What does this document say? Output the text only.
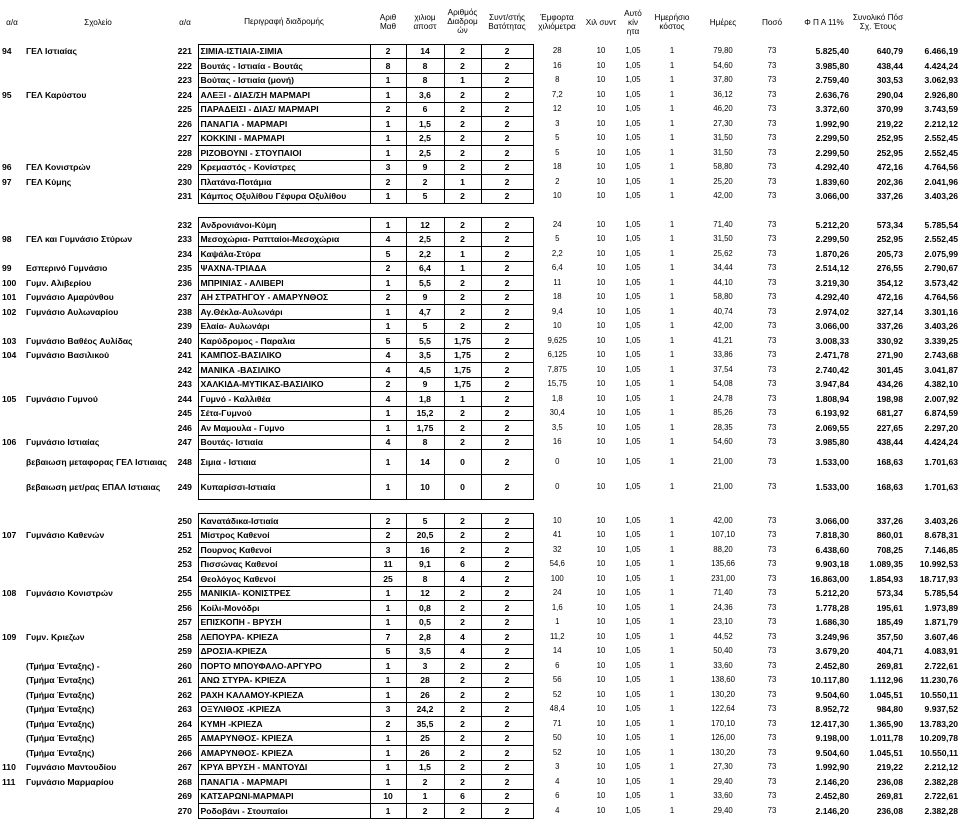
α/α	Σχολείο	α/α	Περιγραφή διαδρομής	Αριθ Μαθ	χιλιομ αποστ	Αριθμός Διαδρομ ών	Συντ/στής Βατότητας	Έμφορτα χιλιόμετρα	Χιλ συντ	Αυτό κίν ητα	Ημερήσιο κόστος	Ημέρες	Ποσό	Φ Π Α 11%	Συνολικό Πόσ Σχ. Έτους	
94	ΓΕΛ Ιστιαίας	221	ΣΙΜΙΑ-ΙΣΤΙΑΙΑ-ΣΙΜΙΑ	2	14	2	2	28	10	1,05	1	79,80	73	5.825,40	640,79	6.466,19
		222	Βουτάς - Ιστιαία - Βουτάς	8	8	2	2	16	10	1,05	1	54,60	73	3.985,80	438,44	4.424,24
		223	Βούτας - Ιστιαία (μονή)	1	8	1	2	8	10	1,05	1	37,80	73	2.759,40	303,53	3.062,93
95	ΓΕΛ Καρύστου	224	ΑΛΕΞΙ - ΔΙΑΣ/ΣΗ ΜΑΡΜΑΡΙ	1	3,6	2	2	7,2	10	1,05	1	36,12	73	2.636,76	290,04	2.926,80
		225	ΠΑΡΑΔΕΙΣΙ - ΔΙΑΣ/ ΜΑΡΜΑΡΙ	2	6	2	2	12	10	1,05	1	46,20	73	3.372,60	370,99	3.743,59
		226	ΠΑΝΑΓΙΑ - ΜΑΡΜΑΡΙ	1	1,5	2	2	3	10	1,05	1	27,30	73	1.992,90	219,22	2.212,12
		227	ΚΟΚΚΙΝΙ - ΜΑΡΜΑΡΙ	1	2,5	2	2	5	10	1,05	1	31,50	73	2.299,50	252,95	2.552,45
		228	ΡΙΖΟΒΟΥΝΙ - ΣΤΟΥΠΑΙΟΙ	1	2,5	2	2	5	10	1,05	1	31,50	73	2.299,50	252,95	2.552,45
96	ΓΕΛ Κονιστρών	229	Κρεμαστός - Κονίστρες	3	9	2	2	18	10	1,05	1	58,80	73	4.292,40	472,16	4.764,56
97	ΓΕΛ Κύμης	230	Πλατάνα-Ποτάμια	2	2	1	2	2	10	1,05	1	25,20	73	1.839,60	202,36	2.041,96
		231	Κάμπος Οξυλίθου Γέφυρα Οξυλίθου	1	5	2	2	10	10	1,05	1	42,00	73	3.066,00	337,26	3.403,26

		232	Ανδρονιάνοι-Κύμη	1	12	2	2	24	10	1,05	1	71,40	73	5.212,20	573,34	5.785,54
98	ΓΕΛ και Γυμνάσιο Στύρων	233	Μεσοχώρια- Ραπταίοι-Μεσοχώρια	4	2,5	2	2	5	10	1,05	1	31,50	73	2.299,50	252,95	2.552,45
		234	Καψάλα-Στύρα	5	2,2	1	2	2,2	10	1,05	1	25,62	73	1.870,26	205,73	2.075,99
99	Εσπερινό Γυμνάσιο	235	ΨΑΧΝΑ-ΤΡΙΑΔΑ	2	6,4	1	2	6,4	10	1,05	1	34,44	73	2.514,12	276,55	2.790,67
100	Γυμν. Αλιβερίου	236	ΜΠΡΙΝΙΑΣ - ΑΛΙΒΕΡΙ	1	5,5	2	2	11	10	1,05	1	44,10	73	3.219,30	354,12	3.573,42
101	Γυμνάσιο Αμαρύνθου	237	ΑΗ ΣΤΡΑΤΗΓΟΥ - ΑΜΑΡΥΝΘΟΣ	2	9	2	2	18	10	1,05	1	58,80	73	4.292,40	472,16	4.764,56
102	Γυμνάσιο Αυλωναρίου	238	Αγ.Θέκλα-Αυλωνάρι	1	4,7	2	2	9,4	10	1,05	1	40,74	73	2.974,02	327,14	3.301,16
		239	Ελαία- Αυλωνάρι	1	5	2	2	10	10	1,05	1	42,00	73	3.066,00	337,26	3.403,26
103	Γυμνάσιο Βαθέος Αυλίδας	240	Καρύδρομος - Παραλια	5	5,5	1,75	2	9,625	10	1,05	1	41,21	73	3.008,33	330,92	3.339,25
104	Γυμνάσιο Βασιλικού	241	ΚΑΜΠΟΣ-ΒΑΣΙΛΙΚΟ	4	3,5	1,75	2	6,125	10	1,05	1	33,86	73	2.471,78	271,90	2.743,68
		242	ΜΑΝΙΚΑ -ΒΑΣΙΛΙΚΟ	4	4,5	1,75	2	7,875	10	1,05	1	37,54	73	2.740,42	301,45	3.041,87
		243	ΧΑΛΚΙΔΑ-ΜΥΤΙΚΑΣ-ΒΑΣΙΛΙΚΟ	2	9	1,75	2	15,75	10	1,05	1	54,08	73	3.947,84	434,26	4.382,10
105	Γυμνάσιο Γυμνού	244	Γυμνό - Καλλιθέα	4	1,8	1	2	1,8	10	1,05	1	24,78	73	1.808,94	198,98	2.007,92
		245	Σέτα-Γυμνού	1	15,2	2	2	30,4	10	1,05	1	85,26	73	6.193,92	681,27	6.874,59
		246	Αν Μαμουλα - Γυμνο	1	1,75	2	2	3,5	10	1,05	1	28,35	73	2.069,55	227,65	2.297,20
106	Γυμνάσιο Ιστιαίας	247	Βουτάς- Ιστιαία	4	8	2	2	16	10	1,05	1	54,60	73	3.985,80	438,44	4.424,24
	βεβαιωση μεταφορας ΓΕΛ Ιστιαιας	248	Σιμια - Ιστιαια	1	14	0	2	0	10	1,05	1	21,00	73	1.533,00	168,63	1.701,63
	βεβαιωση μετ/ρας ΕΠΑΛ Ιστιαιας	249	Κυπαρίσσι-Ιστιαία	1	10	0	2	0	10	1,05	1	21,00	73	1.533,00	168,63	1.701,63

		250	Κανατάδικα-Ιστιαία	2	5	2	2	10	10	1,05	1	42,00	73	3.066,00	337,26	3.403,26
107	Γυμνάσιο Καθενών	251	Μίστρος Καθενοί	2	20,5	2	2	41	10	1,05	1	107,10	73	7.818,30	860,01	8.678,31
		252	Πουρνος Καθενοί	3	16	2	2	32	10	1,05	1	88,20	73	6.438,60	708,25	7.146,85
		253	Πισσώνας Καθενοί	11	9,1	6	2	54,6	10	1,05	1	135,66	73	9.903,18	1.089,35	10.992,53
		254	Θεολόγος Καθενοί	25	8	4	2	100	10	1,05	1	231,00	73	16.863,00	1.854,93	18.717,93
108	Γυμνάσιο Κονιστρών	255	ΜΑΝΙΚΙΑ- ΚΟΝΙΣΤΡΕΣ	1	12	2	2	24	10	1,05	1	71,40	73	5.212,20	573,34	5.785,54
		256	Κοίλι-Μονόδρι	1	0,8	2	2	1,6	10	1,05	1	24,36	73	1.778,28	195,61	1.973,89
		257	ΕΠΙΣΚΟΠΗ - ΒΡΥΣΗ	1	0,5	2	2	1	10	1,05	1	23,10	73	1.686,30	185,49	1.871,79
109	Γυμν. Κριεζων	258	ΛΕΠΟΥΡΑ- ΚΡΙΕΖΑ	7	2,8	4	2	11,2	10	1,05	1	44,52	73	3.249,96	357,50	3.607,46
		259	ΔΡΟΣΙΑ-ΚΡΙΕΖΑ	5	3,5	4	2	14	10	1,05	1	50,40	73	3.679,20	404,71	4.083,91
	(Τμήμα Ένταξης) -	260	ΠΟΡΤΟ ΜΠΟΥΦΑΛΟ-ΑΡΓΥΡΟ	1	3	2	2	6	10	1,05	1	33,60	73	2.452,80	269,81	2.722,61
	(Τμήμα Ένταξης)	261	ΑΝΩ ΣΤΥΡΑ- ΚΡΙΕΖΑ	1	28	2	2	56	10	1,05	1	138,60	73	10.117,80	1.112,96	11.230,76
	(Τμήμα Ένταξης)	262	ΡΑΧΗ ΚΑΛΑΜΟΥ-ΚΡΙΕΖΑ	1	26	2	2	52	10	1,05	1	130,20	73	9.504,60	1.045,51	10.550,11
	(Τμήμα Ένταξης)	263	ΟΞΥΛΙΘΟΣ -ΚΡΙΕΖΑ	3	24,2	2	2	48,4	10	1,05	1	122,64	73	8.952,72	984,80	9.937,52
	(Τμήμα Ένταξης)	264	ΚΥΜΗ -ΚΡΙΕΖΑ	2	35,5	2	2	71	10	1,05	1	170,10	73	12.417,30	1.365,90	13.783,20
	(Τμήμα Ένταξης)	265	ΑΜΑΡΥΝΘΟΣ- ΚΡΙΕΖΑ	1	25	2	2	50	10	1,05	1	126,00	73	9.198,00	1.011,78	10.209,78
	(Τμήμα Ένταξης)	266	ΑΜΑΡΥΝΘΟΣ- ΚΡΙΕΖΑ	1	26	2	2	52	10	1,05	1	130,20	73	9.504,60	1.045,51	10.550,11
110	Γυμνάσιο Μαντουδίου	267	ΚΡΥΑ ΒΡΥΣΗ - ΜΑΝΤΟΥΔΙ	1	1,5	2	2	3	10	1,05	1	27,30	73	1.992,90	219,22	2.212,12
111	Γυμνάσιο Μαρμαρίου	268	ΠΑΝΑΓΙΑ - ΜΑΡΜΑΡΙ	1	2	2	2	4	10	1,05	1	29,40	73	2.146,20	236,08	2.382,28
		269	ΚΑΤΣΑΡΩΝΙ-ΜΑΡΜΑΡΙ	10	1	6	2	6	10	1,05	1	33,60	73	2.452,80	269,81	2.722,61
		270	Ροδοβάνι - Στουπαίοι	1	2	2	2	4	10	1,05	1	29,40	73	2.146,20	236,08	2.382,28
